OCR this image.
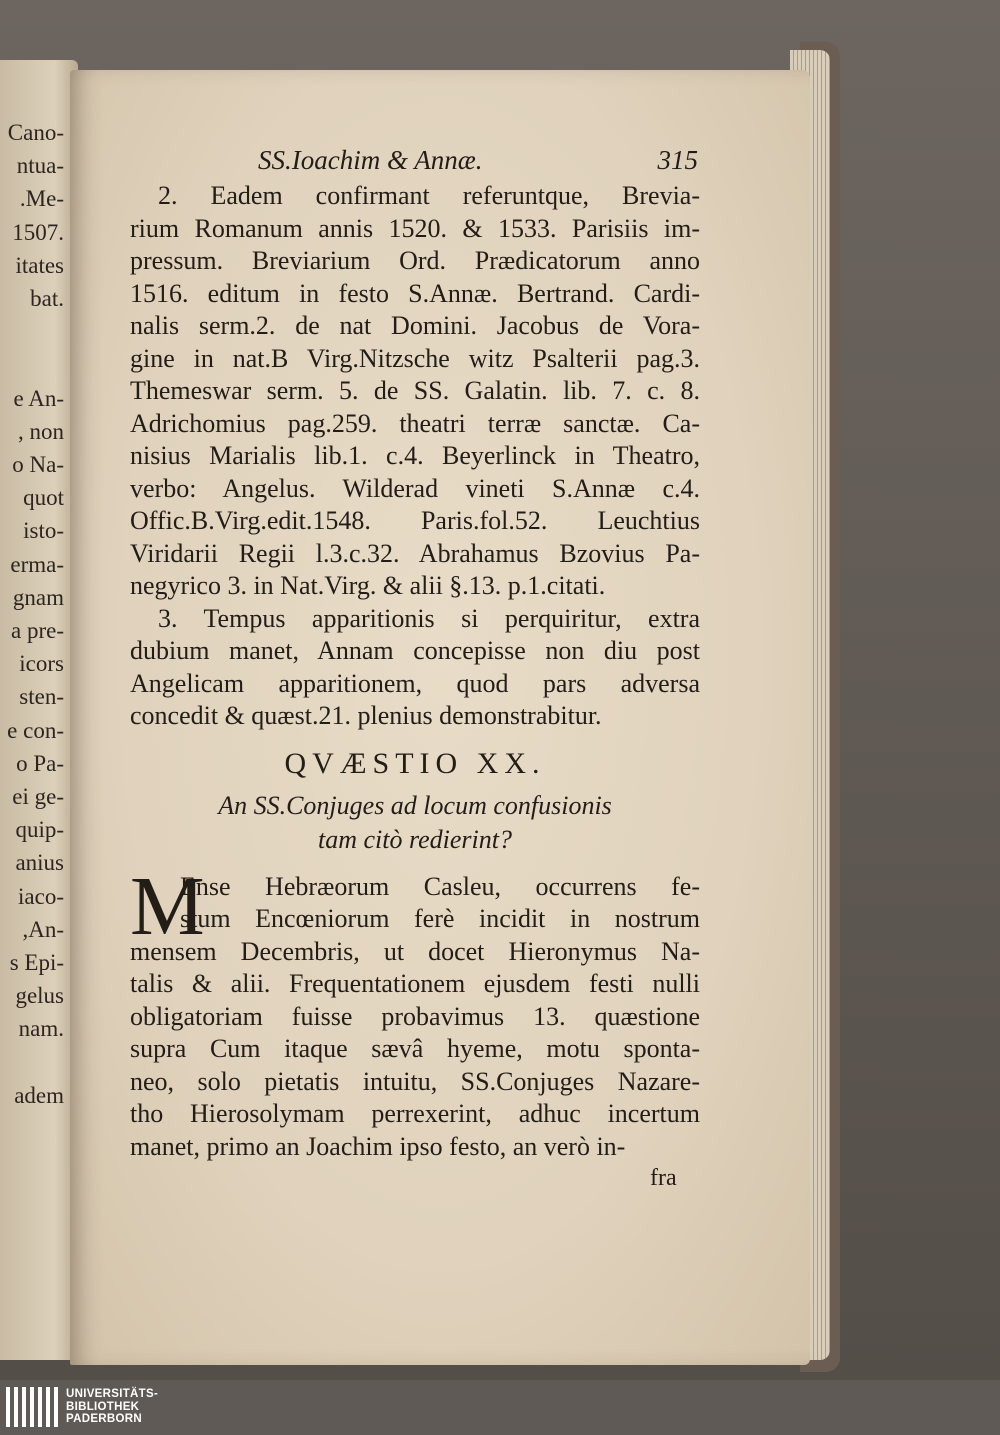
Cano-
ntua-
.Me-
1507.
itates
bat.
e An-
, non
o Na-
quot
isto-
erma-
gnam
a pre-
icors
sten-
e con-
o Pa-
ei ge-
quip-
anius
iaco-
,An-
s Epi-
gelus
nam.
adem
SS.Ioachim & Annæ.	315
2. Eadem confirmant referuntque, Brevia-
rium Romanum annis 1520. & 1533. Parisiis im-
pressum. Breviarium Ord. Prædicatorum anno
1516. editum in festo S.Annæ. Bertrand. Cardi-
nalis serm.2. de nat Domini. Jacobus de Vora-
gine in nat.B Virg.Nitzsche witz Psalterii pag.3.
Themeswar serm. 5. de SS. Galatin. lib. 7. c. 8.
Adrichomius pag.259. theatri terræ sanctæ. Ca-
nisius Marialis lib.1. c.4. Beyerlinck in Theatro,
verbo: Angelus. Wilderad vineti S.Annæ c.4.
Offic.B.Virg.edit.1548. Paris.fol.52. Leuchtius
Viridarii Regii l.3.c.32. Abrahamus Bzovius Pa-
negyrico 3. in Nat.Virg. & alii §.13. p.1.citati.
3. Tempus apparitionis si perquiritur, extra
dubium manet, Annam concepisse non diu post
Angelicam apparitionem, quod pars adversa
concedit & quæst.21. plenius demonstrabitur.
QVÆSTIO XX.
An SS.Conjuges ad locum confusionis
tam citò redierint?
M
Ense Hebræorum Casleu, occurrens fe-
stum Encœniorum ferè incidit in nostrum
mensem Decembris, ut docet Hieronymus Na-
talis & alii. Frequentationem ejusdem festi nulli
obligatoriam fuisse probavimus 13. quæstione
supra Cum itaque sævâ hyeme, motu sponta-
neo, solo pietatis intuitu, SS.Conjuges Nazare-
tho Hierosolymam perrexerint, adhuc incertum
manet, primo an Joachim ipso festo, an verò in-
fra
UNIVERSITÄTS-
BIBLIOTHEK
PADERBORN
